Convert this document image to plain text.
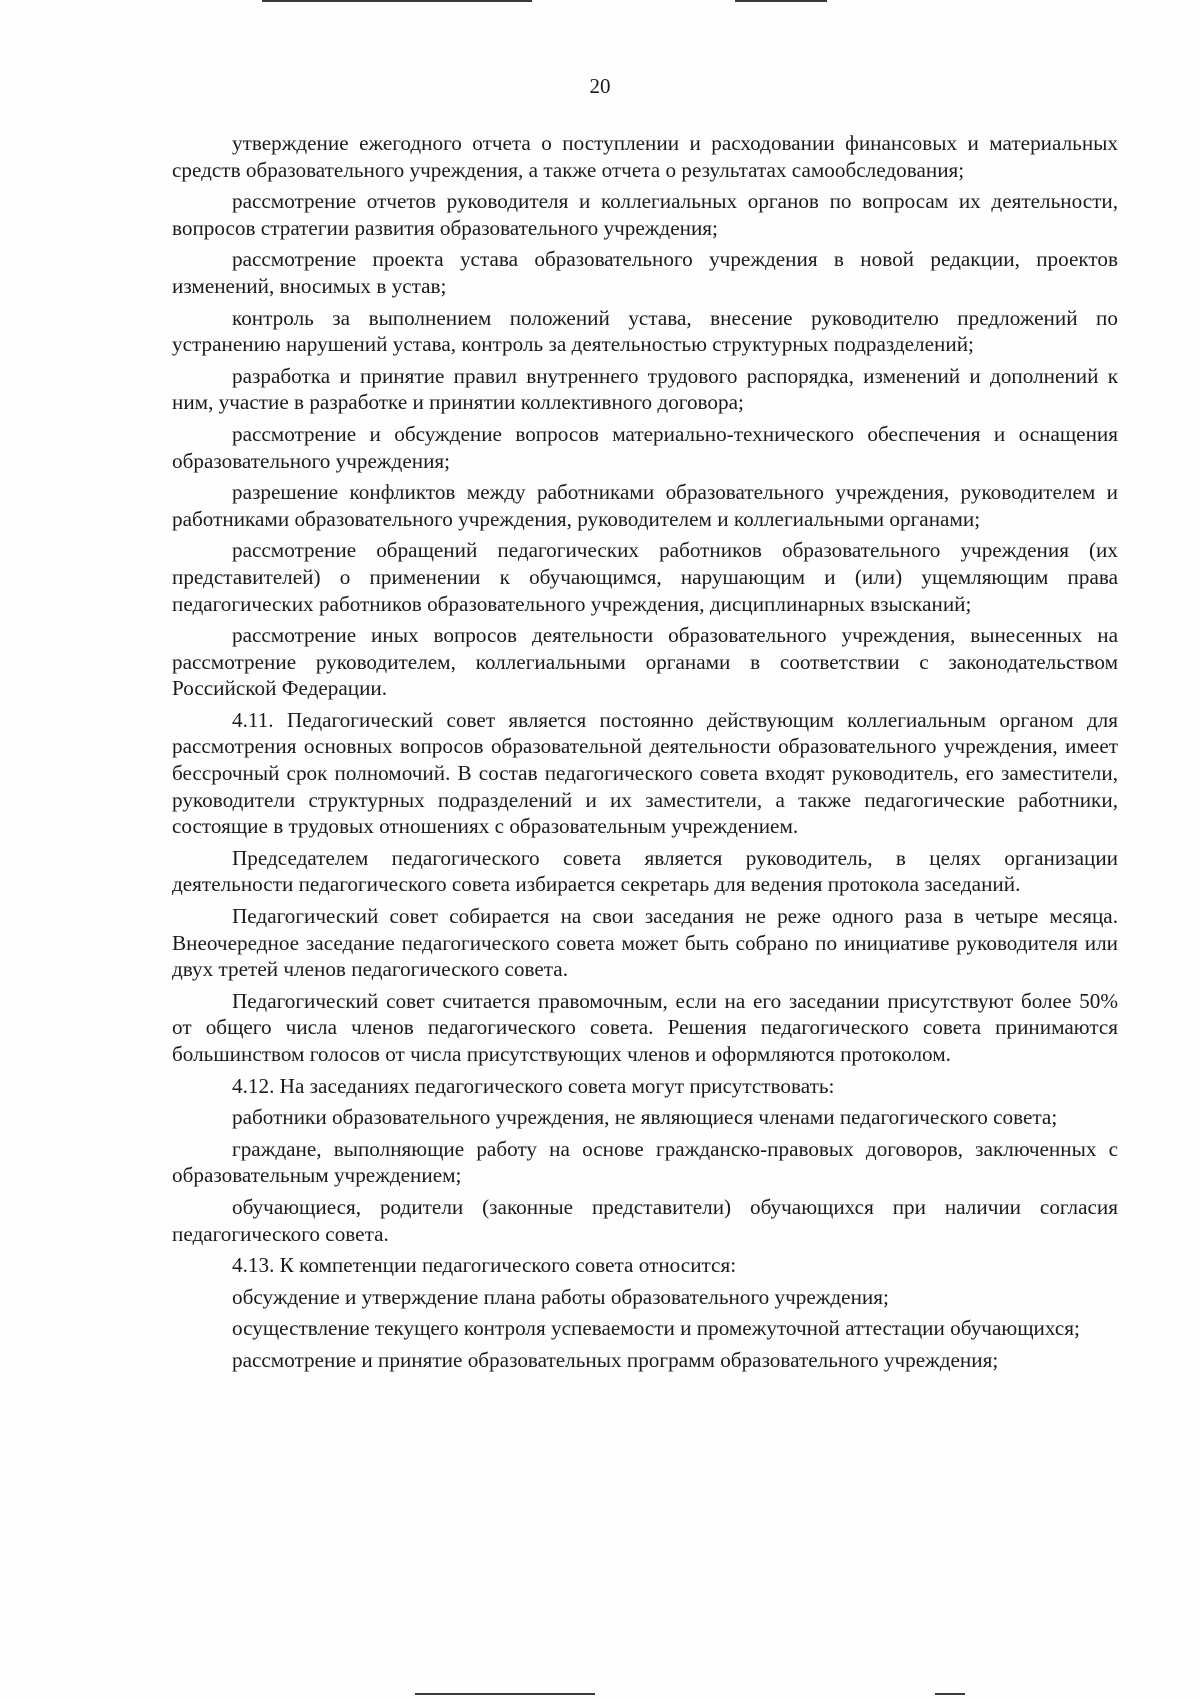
20

утверждение ежегодного отчета о поступлении и расходовании финансовых и материальных средств образовательного учреждения, а также отчета о результатах самообследования;

рассмотрение отчетов руководителя и коллегиальных органов по вопросам их деятельности, вопросов стратегии развития образовательного учреждения;

рассмотрение проекта устава образовательного учреждения в новой редакции, проектов изменений, вносимых в устав;

контроль за выполнением положений устава, внесение руководителю предложений по устранению нарушений устава, контроль за деятельностью структурных подразделений;

разработка и принятие правил внутреннего трудового распорядка, изменений и дополнений к ним, участие в разработке и принятии коллективного договора;

рассмотрение и обсуждение вопросов материально-технического обеспечения и оснащения образовательного учреждения;

разрешение конфликтов между работниками образовательного учреждения, руководителем и работниками образовательного учреждения, руководителем и коллегиальными органами;

рассмотрение обращений педагогических работников образовательного учреждения (их представителей) о применении к обучающимся, нарушающим и (или) ущемляющим права педагогических работников образовательного учреждения, дисциплинарных взысканий;

рассмотрение иных вопросов деятельности образовательного учреждения, вынесенных на рассмотрение руководителем, коллегиальными органами в соответствии с законодательством Российской Федерации.

4.11. Педагогический совет является постоянно действующим коллегиальным органом для рассмотрения основных вопросов образовательной деятельности образовательного учреждения, имеет бессрочный срок полномочий. В состав педагогического совета входят руководитель, его заместители, руководители структурных подразделений и их заместители, а также педагогические работники, состоящие в трудовых отношениях с образовательным учреждением.

Председателем педагогического совета является руководитель, в целях организации деятельности педагогического совета избирается секретарь для ведения протокола заседаний.

Педагогический совет собирается на свои заседания не реже одного раза в четыре месяца. Внеочередное заседание педагогического совета может быть собрано по инициативе руководителя или двух третей членов педагогического совета.

Педагогический совет считается правомочным, если на его заседании присутствуют более 50% от общего числа членов педагогического совета. Решения педагогического совета принимаются большинством голосов от числа присутствующих членов и оформляются протоколом.

4.12. На заседаниях педагогического совета могут присутствовать:

работники образовательного учреждения, не являющиеся членами педагогического совета;

граждане, выполняющие работу на основе гражданско-правовых договоров, заключенных с образовательным учреждением;

обучающиеся, родители (законные представители) обучающихся при наличии согласия педагогического совета.

4.13. К компетенции педагогического совета относится:

обсуждение и утверждение плана работы образовательного учреждения;

осуществление текущего контроля успеваемости и промежуточной аттестации обучающихся;

рассмотрение и принятие образовательных программ образовательного учреждения;
